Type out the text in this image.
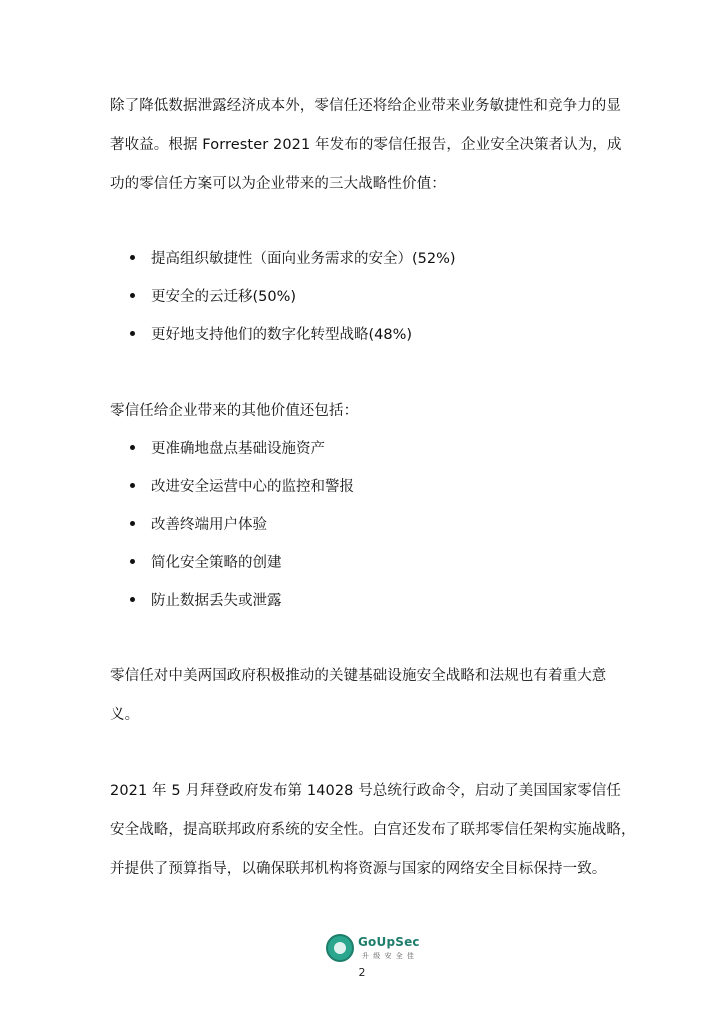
除了降低数据泄露经济成本外，零信任还将给企业带来业务敏捷性和竞争力的显
著收益。根据 Forrester 2021 年发布的零信任报告，企业安全决策者认为，成
功的零信任方案可以为企业带来的三大战略性价值：
提高组织敏捷性（面向业务需求的安全）(52%)
更安全的云迁移(50%)
更好地支持他们的数字化转型战略(48%)
零信任给企业带来的其他价值还包括：
更准确地盘点基础设施资产
改进安全运营中心的监控和警报
改善终端用户体验
简化安全策略的创建
防止数据丢失或泄露
零信任对中美两国政府积极推动的关键基础设施安全战略和法规也有着重大意
义。
2021 年 5 月拜登政府发布第 14028 号总统行政命令，启动了美国国家零信任
安全战略，提高联邦政府系统的安全性。白宫还发布了联邦零信任架构实施战略，
并提供了预算指导，以确保联邦机构将资源与国家的网络安全目标保持一致。
GoUpSec
升 级 安 全 佳
2
